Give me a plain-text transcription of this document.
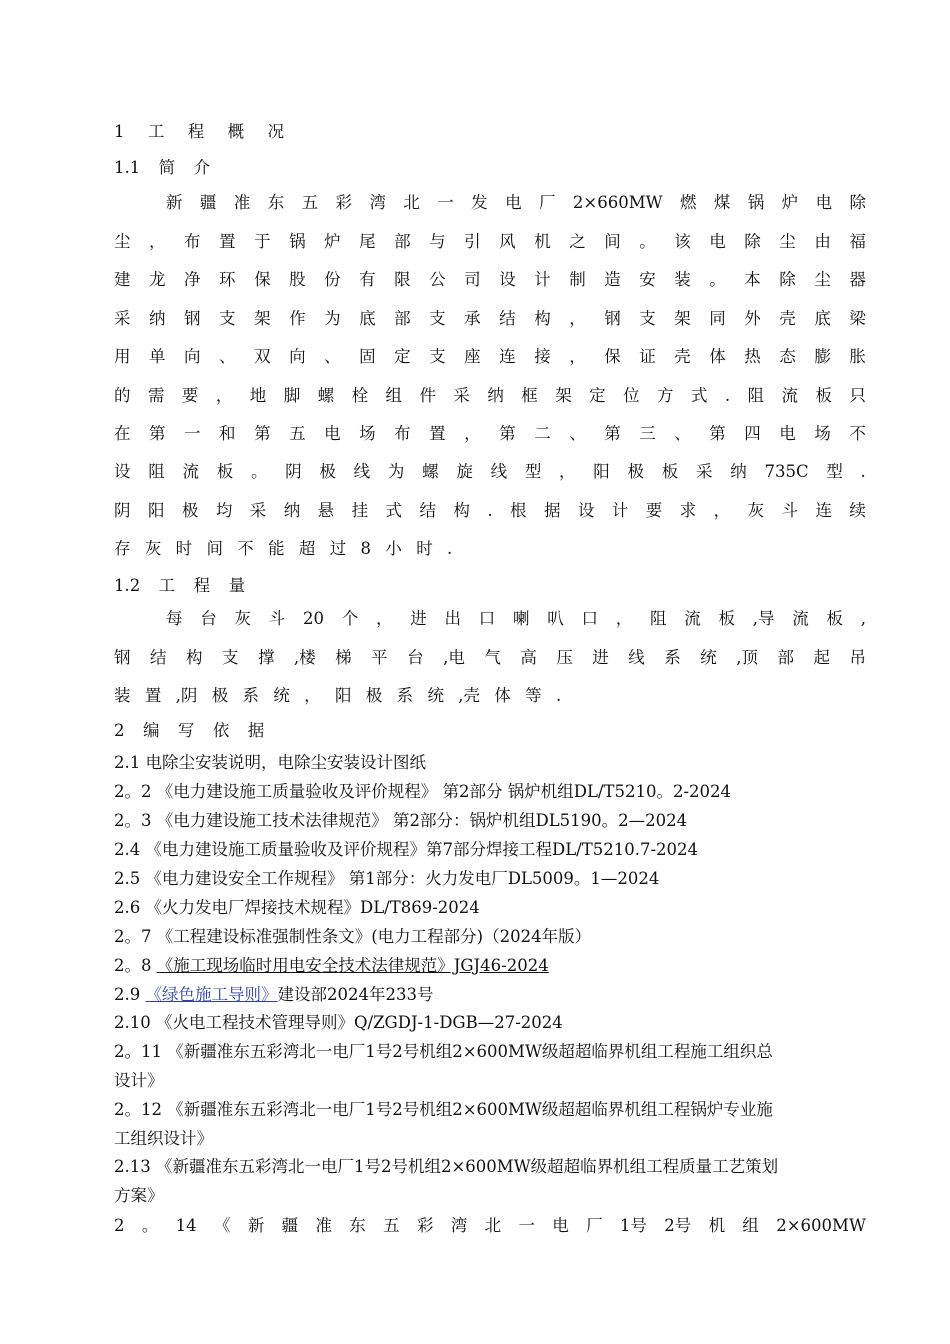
1 工 程 概 况
1.1 简 介
新 疆 准 东 五 彩 湾 北 一 发 电 厂 2×660MW 燃 煤 锅 炉 电 除
尘 ， 布 置 于 锅 炉 尾 部 与 引 风 机 之 间 。 该 电 除 尘 由 福
建 龙 净 环 保 股 份 有 限 公 司 设 计 制 造 安 装 。 本 除 尘 器
采 纳 钢 支 架 作 为 底 部 支 承 结 构 ， 钢 支 架 同 外 壳 底 梁
用 单 向 、 双 向 、 固 定 支 座 连 接 ， 保 证 壳 体 热 态 膨 胀
的 需 要 ， 地 脚 螺 栓 组 件 采 纳 框 架 定 位 方 式 . 阻 流 板 只
在 第 一 和 第 五 电 场 布 置 ， 第 二 、 第 三 、 第 四 电 场 不
设 阻 流 板 。 阴 极 线 为 螺 旋 线 型 ， 阳 极 板 采 纳 735C 型 .
阴 阳 极 均 采 纳 悬 挂 式 结 构 . 根 据 设 计 要 求 ， 灰 斗 连 续
存 灰 时 间 不 能 超 过 8 小 时 .
1.2 工 程 量
每 台 灰 斗 20 个 ， 进 出 口 喇 叭 口 ， 阻 流 板 ,导 流 板 ,
钢 结 构 支 撑 ,楼 梯 平 台 ,电 气 高 压 进 线 系 统 ,顶 部 起 吊
装 置 ,阴 极 系 统 ， 阳 极 系 统 ,壳 体 等 .
2 编 写 依 据
2.1 电除尘安装说明，电除尘安装设计图纸
2。2 《电力建设施工质量验收及评价规程》 第2部分 锅炉机组DL/T5210。2-2024
2。3 《电力建设施工技术法律规范》 第2部分：锅炉机组DL5190。2—2024
2.4 《电力建设施工质量验收及评价规程》第7部分焊接工程DL/T5210.7-2024
2.5 《电力建设安全工作规程》 第1部分：火力发电厂DL5009。1—2024
2.6 《火力发电厂焊接技术规程》DL/T869-2024
2。7 《工程建设标准强制性条文》(电力工程部分)（2024年版）
2。8 《施工现场临时用电安全技术法律规范》JGJ46-2024
2.9 《绿色施工导则》建设部2024年233号
2.10 《火电工程技术管理导则》Q/ZGDJ-1-DGB—27-2024
2。11 《新疆准东五彩湾北一电厂1号2号机组2×600MW级超超临界机组工程施工组织总
设计》
2。12 《新疆准东五彩湾北一电厂1号2号机组2×600MW级超超临界机组工程锅炉专业施
工组织设计》
2.13 《新疆准东五彩湾北一电厂1号2号机组2×600MW级超超临界机组工程质量工艺策划
方案》
2 。 14 《 新 疆 准 东 五 彩 湾 北 一 电 厂 1号 2号 机 组 2×600MW
